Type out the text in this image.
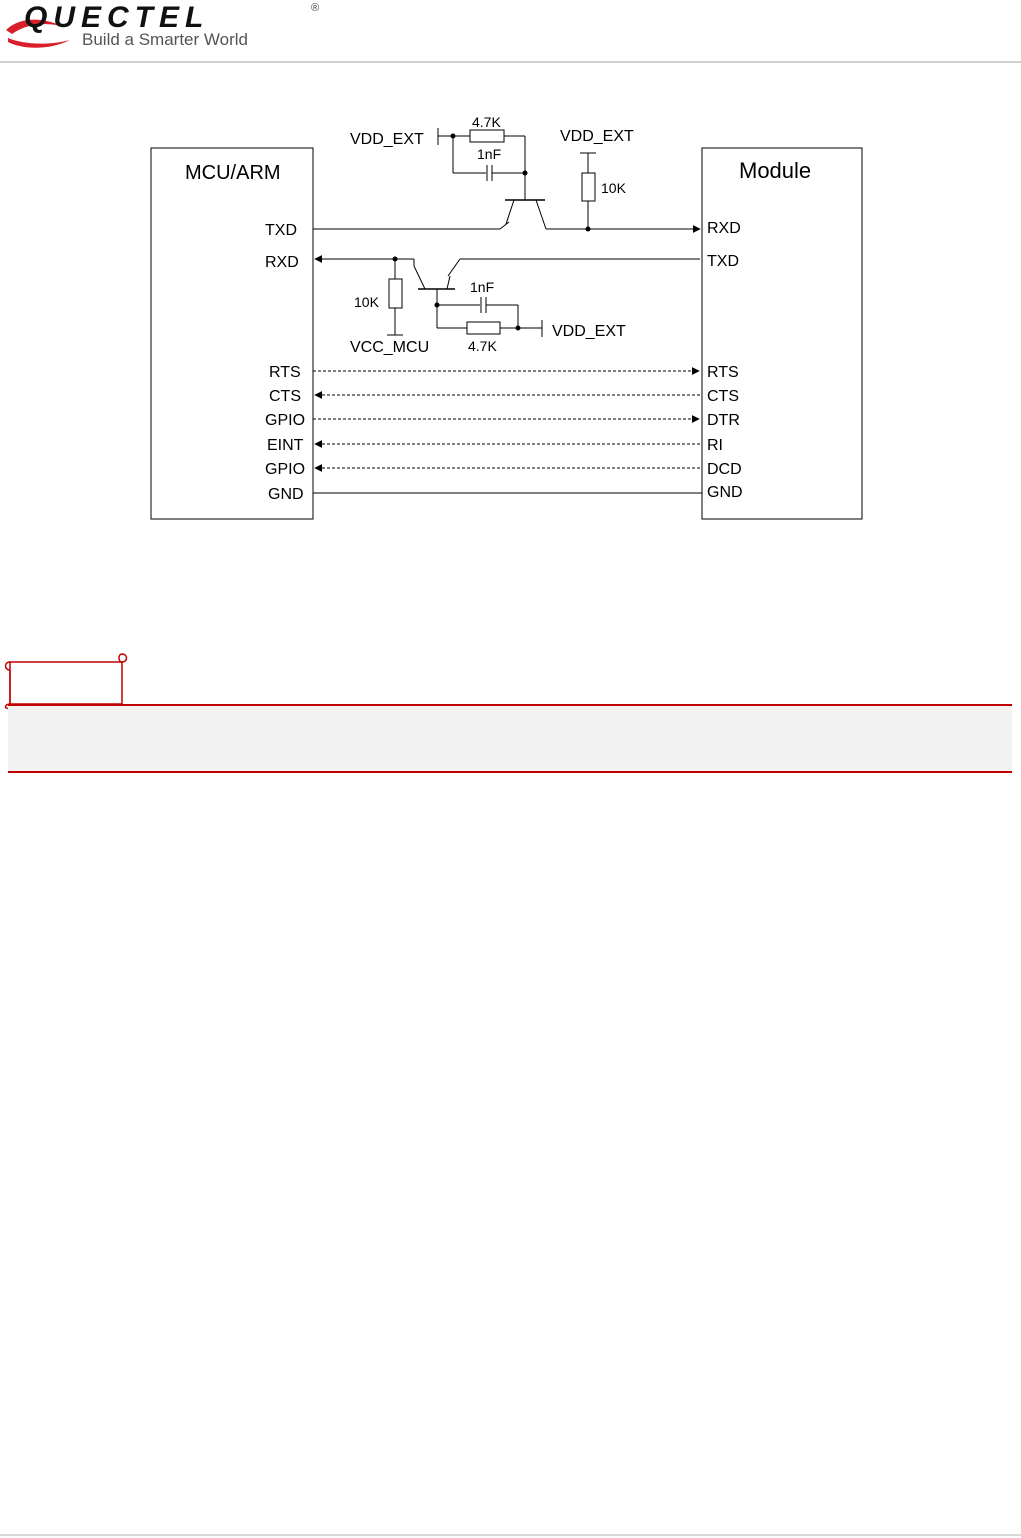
QUECTEL	®
Build a Smarter World
MCU/ARM	Module
TXD
RXD
RTS
CTS
GPIO
EINT
GPIO
GND
RXD
TXD
RTS
CTS
DTR
RI
DCD
GND
VDD_EXT
4.7K
1nF
VDD_EXT
10K
10K
VCC_MCU
1nF
4.7K
VDD_EXT
